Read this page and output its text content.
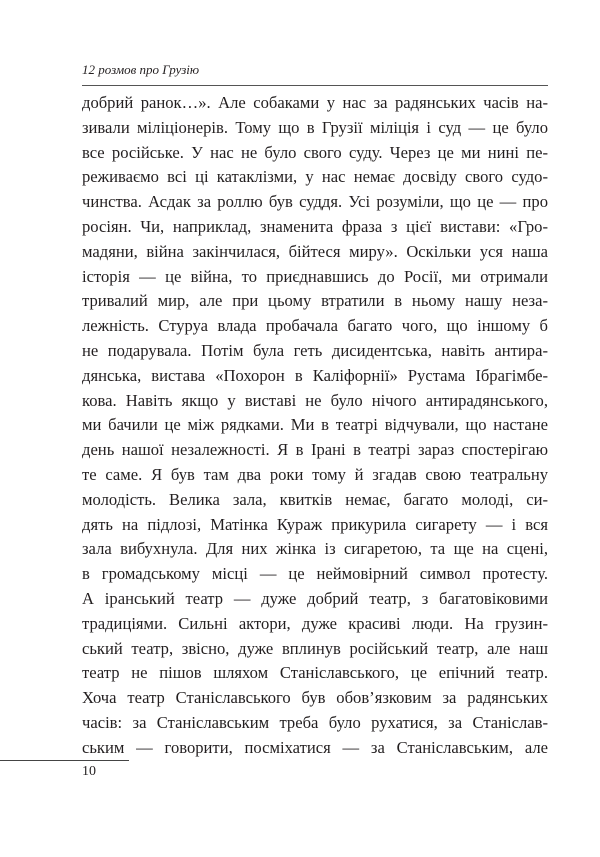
12 розмов про Грузію
добрий ранок…». Але собаками у нас за радянських часів на-
зивали міліціонерів. Тому що в Грузії міліція і суд — це було
все російське. У нас не було свого суду. Через це ми нині пе-
реживаємо всі ці катаклізми, у нас немає досвіду свого судо-
чинства. Асдак за роллю був суддя. Усі розуміли, що це — про
росіян. Чи, наприклад, знаменита фраза з цієї вистави: «Гро-
мадяни, війна закінчилася, бійтеся миру». Оскільки уся наша
історія — це війна, то приєднавшись до Росії, ми отримали
тривалий мир, але при цьому втратили в ньому нашу неза-
лежність. Стуруа влада пробачала багато чого, що іншому б
не подарувала. Потім була геть дисидентська, навіть антира-
дянська, вистава «Похорон в Каліфорнії» Рустама Ібрагімбе-
кова. Навіть якщо у виставі не було нічого антирадянського,
ми бачили це між рядками. Ми в театрі відчували, що настане
день нашої незалежності. Я в Ірані в театрі зараз спостерігаю
те саме. Я був там два роки тому й згадав свою театральну
молодість. Велика зала, квитків немає, багато молоді, си-
дять на підлозі, Матінка Кураж прикурила сигарету — і вся
зала вибухнула. Для них жінка із сигаретою, та ще на сцені,
в громадському місці — це неймовірний символ протесту.
А іранський театр — дуже добрий театр, з багатовіковими
традиціями. Сильні актори, дуже красиві люди. На грузин-
ський театр, звісно, дуже вплинув російський театр, але наш
театр не пішов шляхом Станіславського, це епічний театр.
Хоча театр Станіславського був обов’язковим за радянських
часів: за Станіславським треба було рухатися, за Станіслав-
ським — говорити, посміхатися — за Станіславським, але
10
